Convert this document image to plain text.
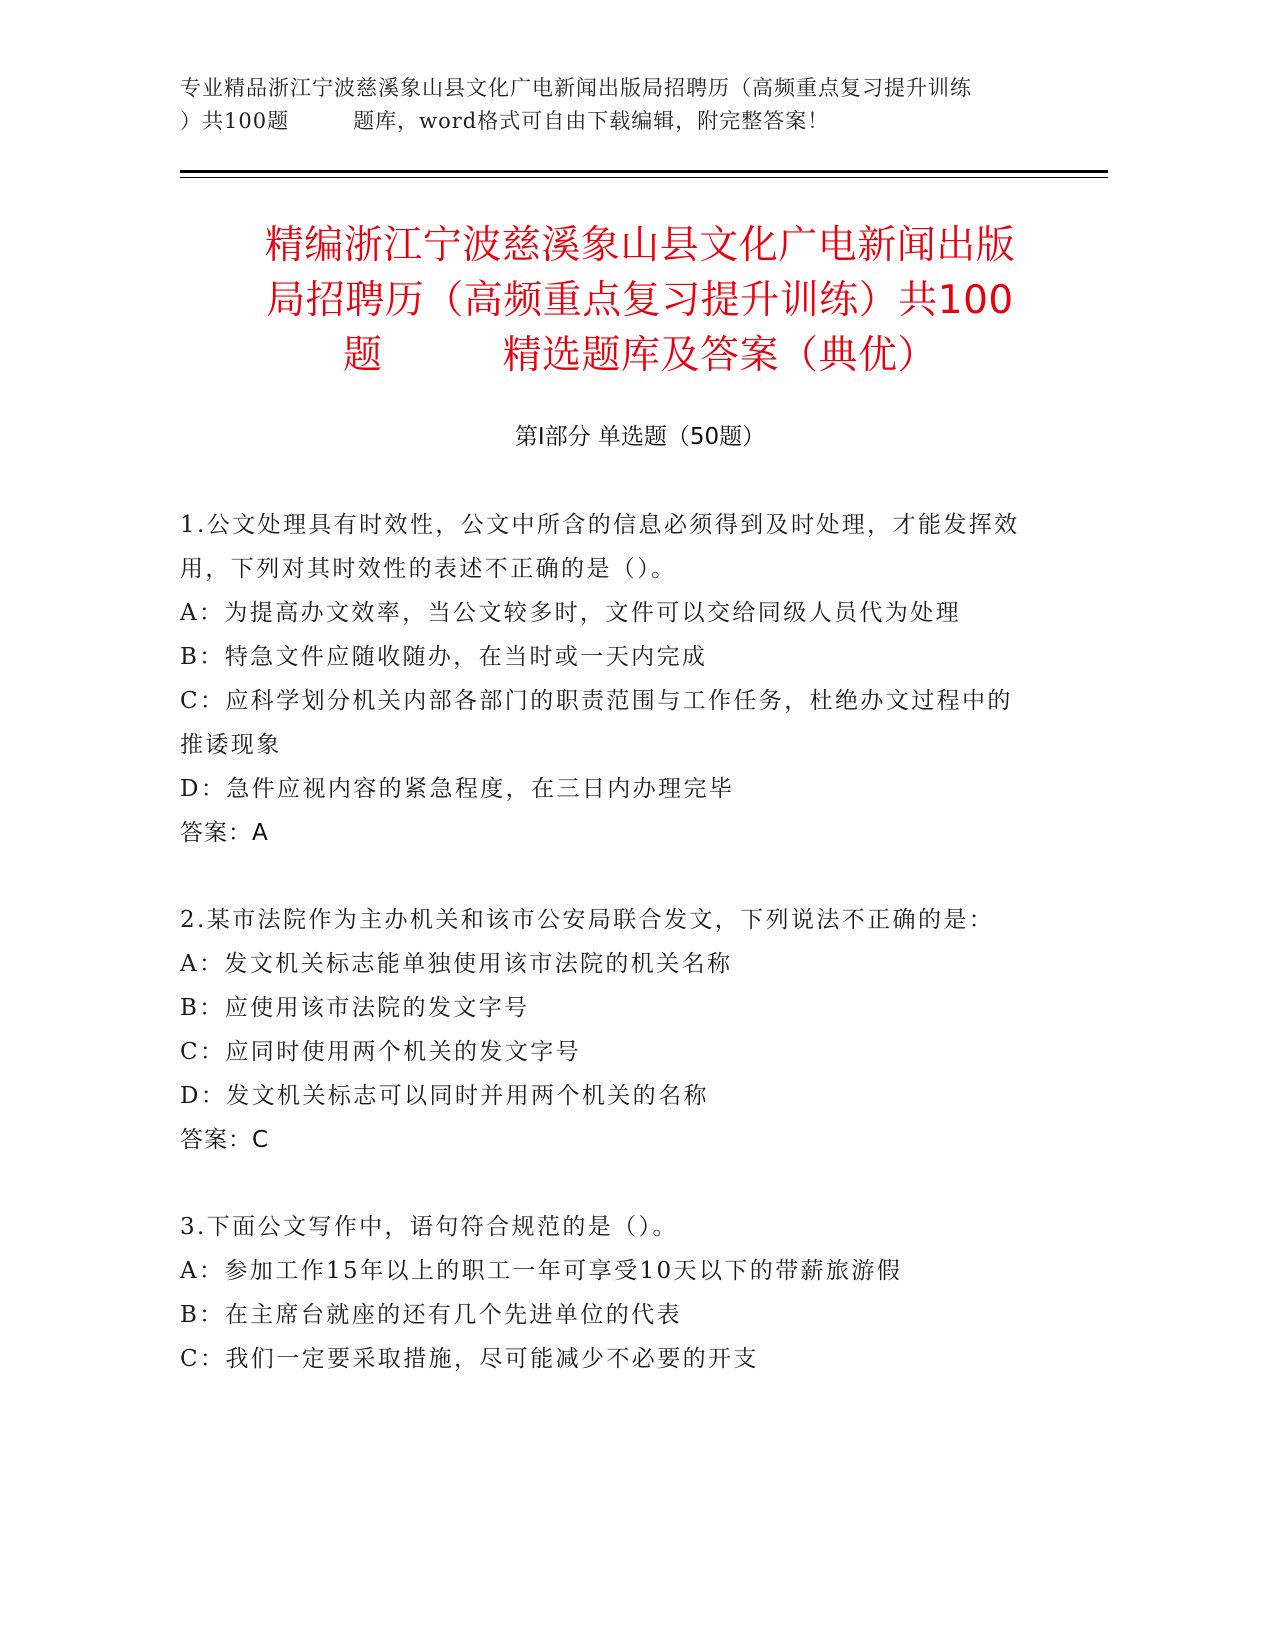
专业精品浙江宁波慈溪象山县文化广电新闻出版局招聘历（高频重点复习提升训练
）共100题	题库，word格式可自由下载编辑，附完整答案！
精编浙江宁波慈溪象山县文化广电新闻出版
局招聘历（高频重点复习提升训练）共100
题	精选题库及答案（典优）
第Ⅰ部分 单选题（50题）
1.公文处理具有时效性，公文中所含的信息必须得到及时处理，才能发挥效用，下列对其时效性的表述不正确的是（）。
A：为提高办文效率，当公文较多时，文件可以交给同级人员代为处理
B：特急文件应随收随办，在当时或一天内完成
C：应科学划分机关内部各部门的职责范围与工作任务，杜绝办文过程中的推诿现象
D：急件应视内容的紧急程度，在三日内办理完毕
答案：A
2.某市法院作为主办机关和该市公安局联合发文，下列说法不正确的是：
A：发文机关标志能单独使用该市法院的机关名称
B：应使用该市法院的发文字号
C：应同时使用两个机关的发文字号
D：发文机关标志可以同时并用两个机关的名称
答案：C
3.下面公文写作中，语句符合规范的是（）。
A：参加工作15年以上的职工一年可享受10天以下的带薪旅游假
B：在主席台就座的还有几个先进单位的代表
C：我们一定要采取措施，尽可能减少不必要的开支
